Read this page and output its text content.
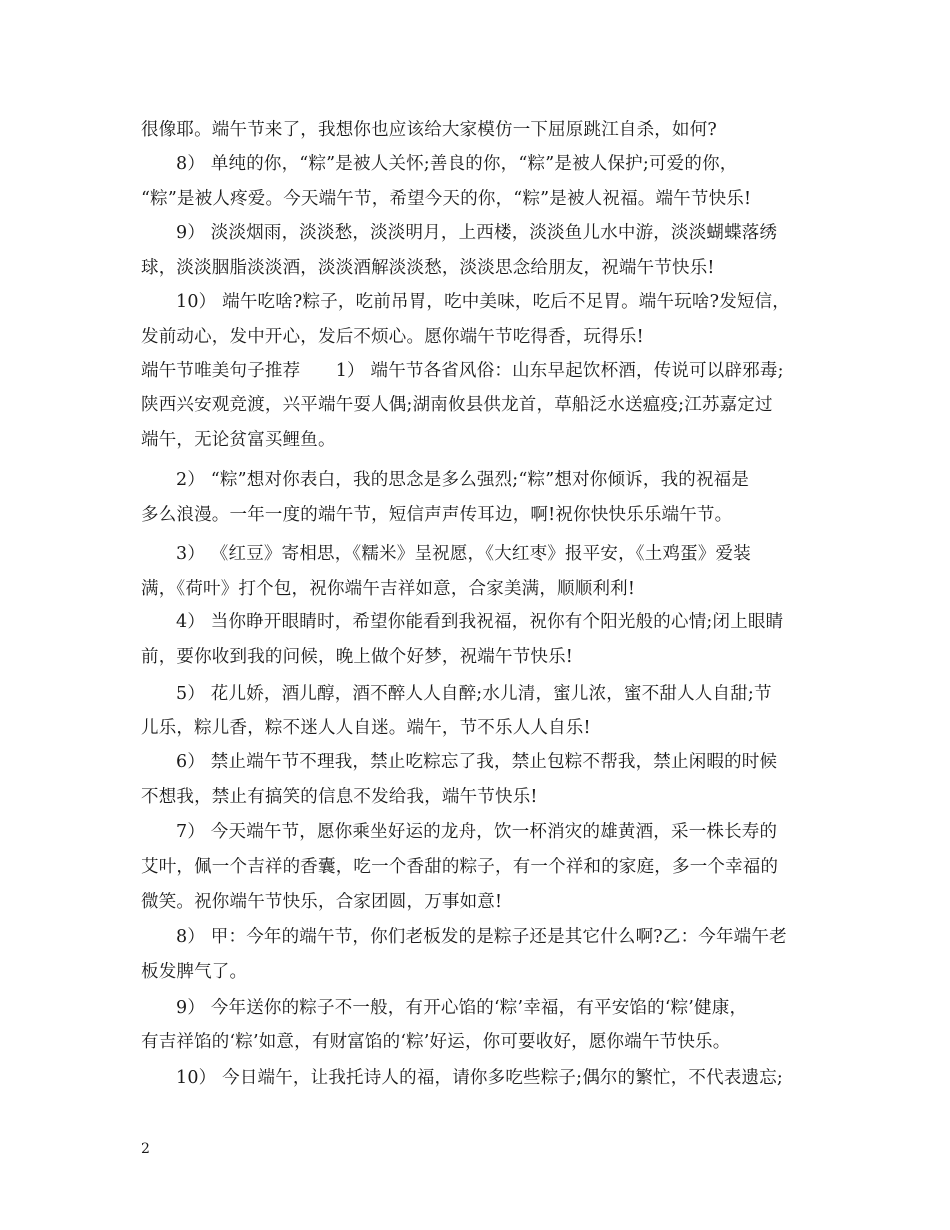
很像耶。端午节来了，我想你也应该给大家模仿一下屈原跳江自杀，如何?
8） 单纯的你，“粽”是被人关怀;善良的你，“粽”是被人保护;可爱的你，
“粽”是被人疼爱。今天端午节，希望今天的你，“粽”是被人祝福。端午节快乐!
9） 淡淡烟雨，淡淡愁，淡淡明月，上西楼，淡淡鱼儿水中游，淡淡蝴蝶落绣
球，淡淡胭脂淡淡酒，淡淡酒解淡淡愁，淡淡思念给朋友，祝端午节快乐!
10） 端午吃啥?粽子，吃前吊胃，吃中美味，吃后不足胃。端午玩啥?发短信，
发前动心，发中开心，发后不烦心。愿你端午节吃得香，玩得乐!
端午节唯美句子推荐　　1） 端午节各省风俗：山东早起饮杯酒，传说可以辟邪毒;
陕西兴安观竞渡，兴平端午耍人偶;湖南攸县供龙首，草船泛水送瘟疫;江苏嘉定过
端午，无论贫富买鲤鱼。
2） “粽”想对你表白，我的思念是多么强烈;“粽”想对你倾诉，我的祝福是
多么浪漫。一年一度的端午节，短信声声传耳边，啊!祝你快快乐乐端午节。
3） 《红豆》寄相思，《糯米》呈祝愿，《大红枣》报平安，《土鸡蛋》爱装
满，《荷叶》打个包，祝你端午吉祥如意，合家美满，顺顺利利!
4） 当你睁开眼睛时，希望你能看到我祝福，祝你有个阳光般的心情;闭上眼睛
前，要你收到我的问候，晚上做个好梦，祝端午节快乐!
5） 花儿娇，酒儿醇，酒不醉人人自醉;水儿清，蜜儿浓，蜜不甜人人自甜;节
儿乐，粽儿香，粽不迷人人自迷。端午，节不乐人人自乐!
6） 禁止端午节不理我，禁止吃粽忘了我，禁止包粽不帮我，禁止闲暇的时候
不想我，禁止有搞笑的信息不发给我，端午节快乐!
7） 今天端午节，愿你乘坐好运的龙舟，饮一杯消灾的雄黄酒，采一株长寿的
艾叶，佩一个吉祥的香囊，吃一个香甜的粽子，有一个祥和的家庭，多一个幸福的
微笑。祝你端午节快乐，合家团圆，万事如意!
8） 甲：今年的端午节，你们老板发的是粽子还是其它什么啊?乙：今年端午老
板发脾气了。
9） 今年送你的粽子不一般，有开心馅的‘粽’幸福，有平安馅的‘粽’健康，
有吉祥馅的‘粽’如意，有财富馅的‘粽’好运，你可要收好，愿你端午节快乐。
10） 今日端午，让我托诗人的福，请你多吃些粽子;偶尔的繁忙，不代表遗忘;
2
